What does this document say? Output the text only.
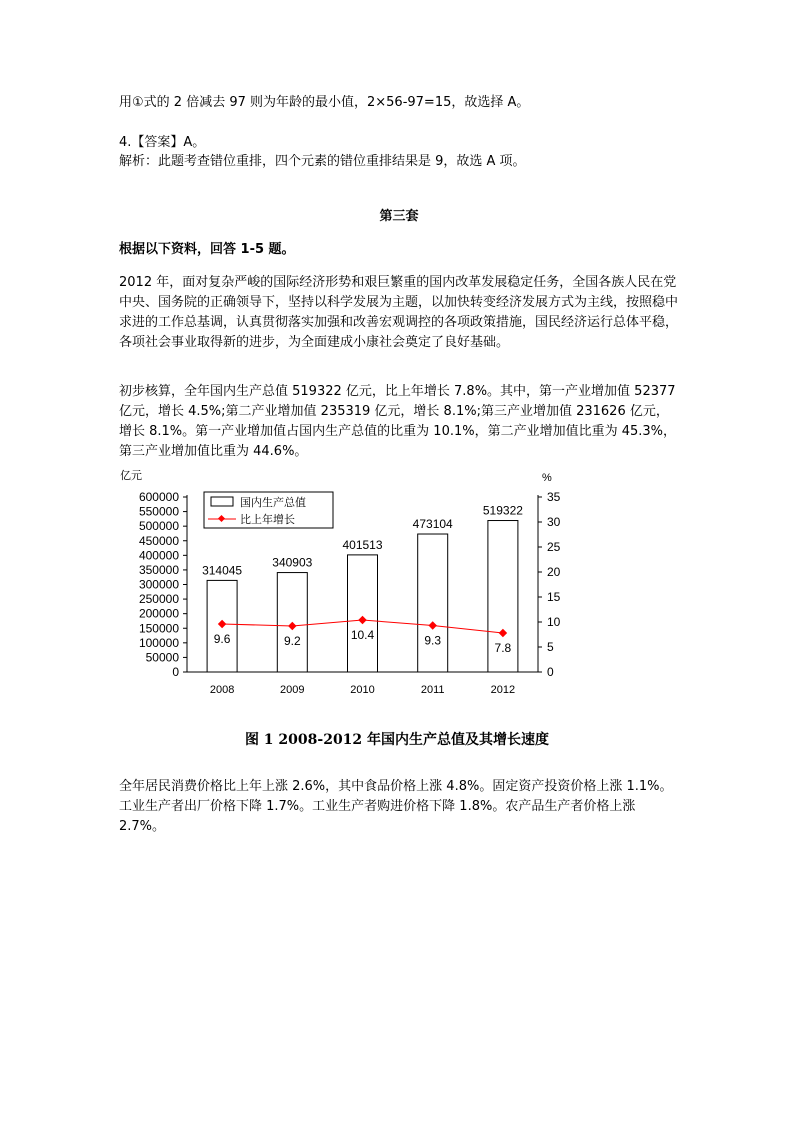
用①式的 2 倍减去 97 则为年龄的最小值，2×56-97=15，故选择 A。

4.【答案】A。

解析：此题考查错位重排，四个元素的错位重排结果是 9，故选 A 项。

第三套

根据以下资料，回答 1-5 题。

2012 年，面对复杂严峻的国际经济形势和艰巨繁重的国内改革发展稳定任务，全国各族人民在党中央、国务院的正确领导下，坚持以科学发展为主题，以加快转变经济发展方式为主线，按照稳中求进的工作总基调，认真贯彻落实加强和改善宏观调控的各项政策措施，国民经济运行总体平稳，各项社会事业取得新的进步，为全面建成小康社会奠定了良好基础。

初步核算，全年国内生产总值 519322 亿元，比上年增长 7.8%。其中，第一产业增加值 52377 亿元，增长 4.5%;第二产业增加值 235319 亿元，增长 8.1%;第三产业增加值 231626 亿元，增长 8.1%。第一产业增加值占国内生产总值的比重为 10.1%，第二产业增加值比重为 45.3%，第三产业增加值比重为 44.6%。

亿元	%
0
50000
100000
150000
200000
250000
300000
350000
400000
450000
500000
550000
600000
0
5
10
15
20
25
30
35
314045
340903
401513
473104
519322
2008	2009	2010	2011	2012
9.6	9.2	10.4	9.3
7.8
国内生产总值
比上年增长
图 1 2008-2012 年国内生产总值及其增长速度

全年居民消费价格比上年上涨 2.6%，其中食品价格上涨 4.8%。固定资产投资价格上涨 1.1%。工业生产者出厂价格下降 1.7%。工业生产者购进价格下降 1.8%。农产品生产者价格上涨 2.7%。
